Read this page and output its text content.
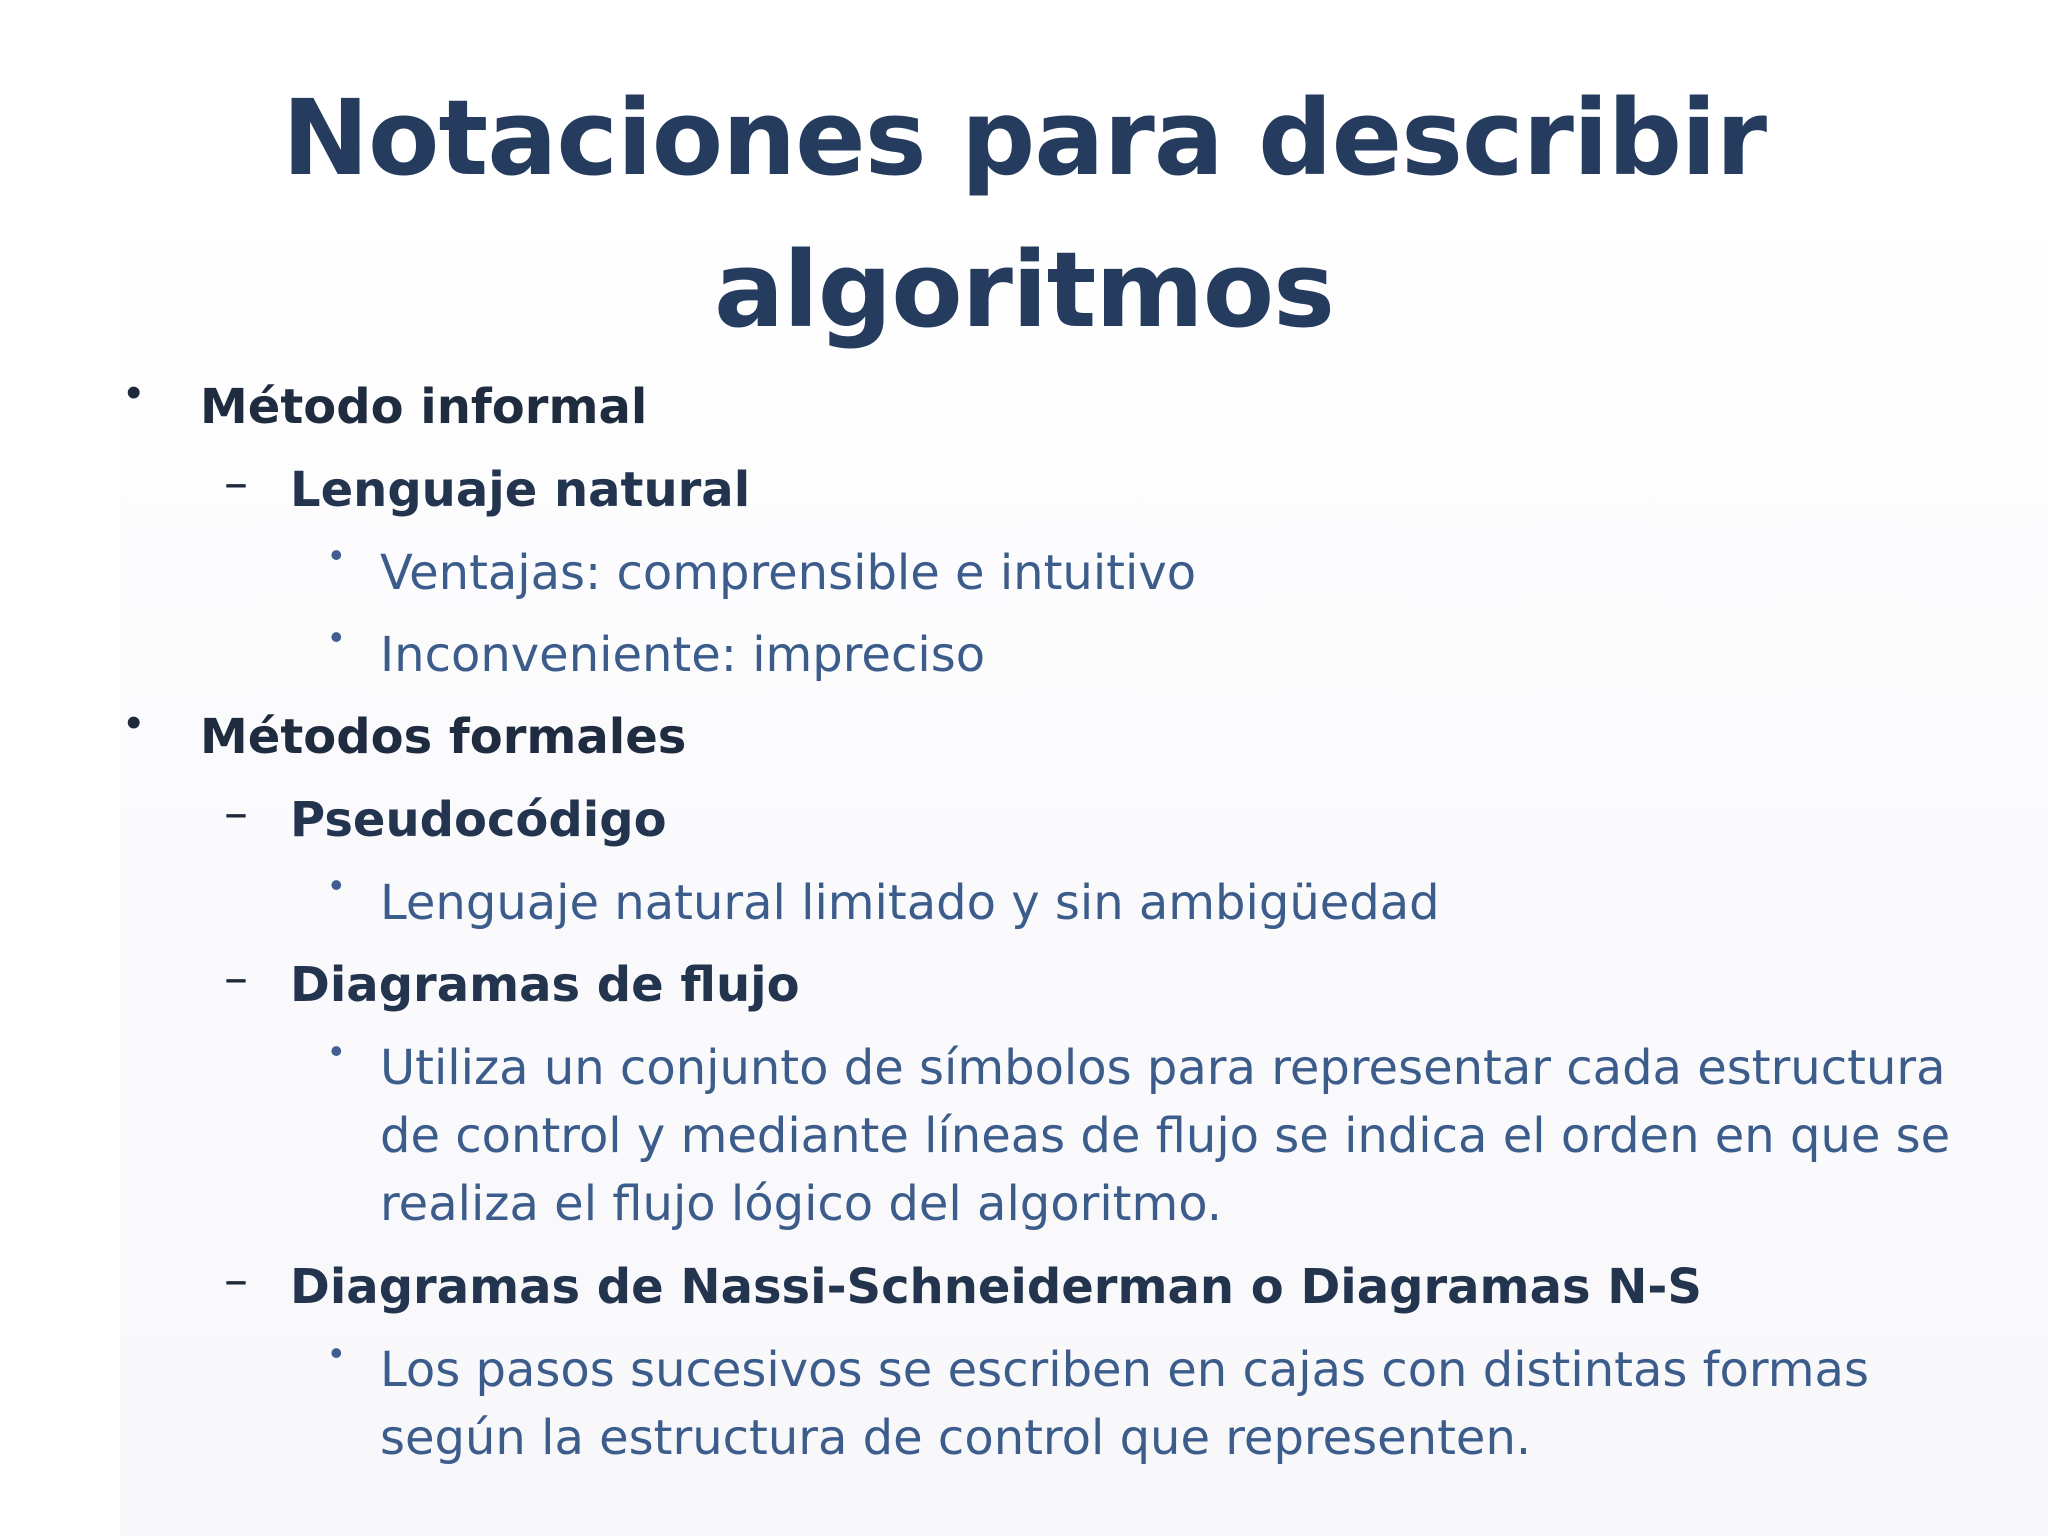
Notaciones para describir
algoritmos
• Método informal
– Lenguaje natural
• Ventajas: comprensible e intuitivo
• Inconveniente: impreciso
• Métodos formales
– Pseudocódigo
• Lenguaje natural limitado y sin ambigüedad
– Diagramas de flujo
• Utiliza un conjunto de símbolos para representar cada estructura de control y mediante líneas de flujo se indica el orden en que se realiza el flujo lógico del algoritmo.
– Diagramas de Nassi-Schneiderman o Diagramas N-S
• Los pasos sucesivos se escriben en cajas con distintas formas según la estructura de control que representen.
